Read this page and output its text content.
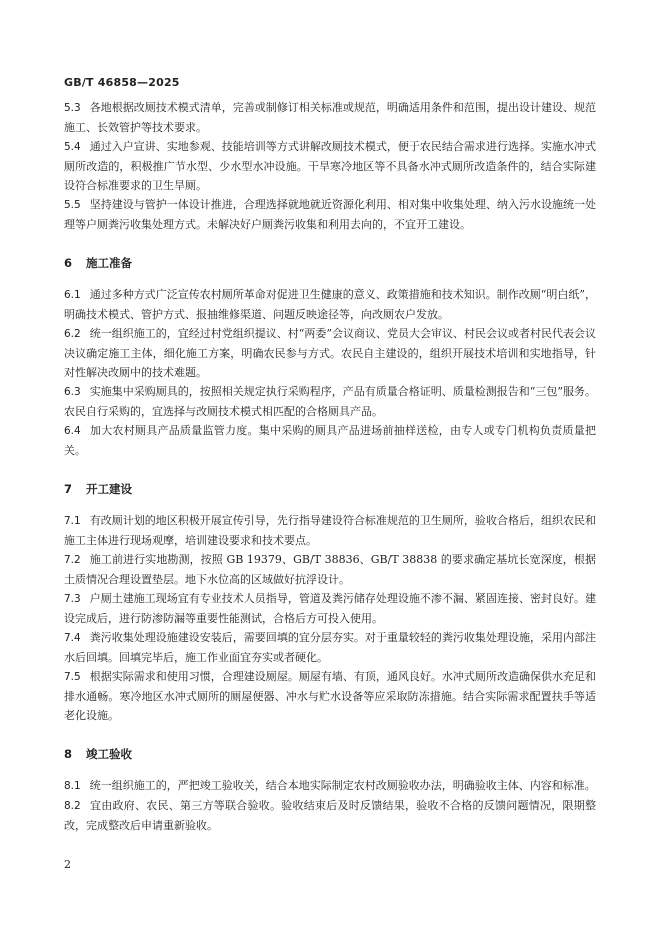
GB/T 46858—2025

5.3 各地根据改厕技术模式清单，完善或制修订相关标准或规范，明确适用条件和范围，提出设计建设、规范施工、长效管护等技术要求。

5.4 通过入户宣讲、实地参观、技能培训等方式讲解改厕技术模式，便于农民结合需求进行选择。实施水冲式厕所改造的，积极推广节水型、少水型水冲设施。干旱寒冷地区等不具备水冲式厕所改造条件的，结合实际建设符合标准要求的卫生旱厕。

5.5 坚持建设与管护一体设计推进，合理选择就地就近资源化利用、相对集中收集处理、纳入污水设施统一处理等户厕粪污收集处理方式。未解决好户厕粪污收集和利用去向的，不宜开工建设。

6 施工准备

6.1 通过多种方式广泛宣传农村厕所革命对促进卫生健康的意义、政策措施和技术知识。制作改厕“明白纸”，明确技术模式、管护方式、报抽维修渠道、问题反映途径等，向改厕农户发放。

6.2 统一组织施工的，宜经过村党组织提议、村“两委”会议商议、党员大会审议、村民会议或者村民代表会议决议确定施工主体，细化施工方案，明确农民参与方式。农民自主建设的，组织开展技术培训和实地指导，针对性解决改厕中的技术难题。

6.3 实施集中采购厕具的，按照相关规定执行采购程序，产品有质量合格证明、质量检测报告和“三包”服务。农民自行采购的，宜选择与改厕技术模式相匹配的合格厕具产品。

6.4 加大农村厕具产品质量监管力度。集中采购的厕具产品进场前抽样送检，由专人或专门机构负责质量把关。

7 开工建设

7.1 有改厕计划的地区积极开展宣传引导，先行指导建设符合标准规范的卫生厕所，验收合格后，组织农民和施工主体进行现场观摩，培训建设要求和技术要点。

7.2 施工前进行实地勘测，按照 GB 19379、GB/T 38836、GB/T 38838 的要求确定基坑长宽深度，根据土质情况合理设置垫层。地下水位高的区域做好抗浮设计。

7.3 户厕土建施工现场宜有专业技术人员指导，管道及粪污储存处理设施不渗不漏、紧固连接、密封良好。建设完成后，进行防渗防漏等重要性能测试，合格后方可投入使用。

7.4 粪污收集处理设施建设安装后，需要回填的宜分层夯实。对于重量较轻的粪污收集处理设施，采用内部注水后回填。回填完毕后，施工作业面宜夯实或者硬化。

7.5 根据实际需求和使用习惯，合理建设厕屋。厕屋有墙、有顶，通风良好。水冲式厕所改造确保供水充足和排水通畅。寒冷地区水冲式厕所的厕屋便器、冲水与贮水设备等应采取防冻措施。结合实际需求配置扶手等适老化设施。

8 竣工验收

8.1 统一组织施工的，严把竣工验收关，结合本地实际制定农村改厕验收办法，明确验收主体、内容和标准。

8.2 宜由政府、农民、第三方等联合验收。验收结束后及时反馈结果，验收不合格的反馈问题情况，限期整改，完成整改后申请重新验收。

2
